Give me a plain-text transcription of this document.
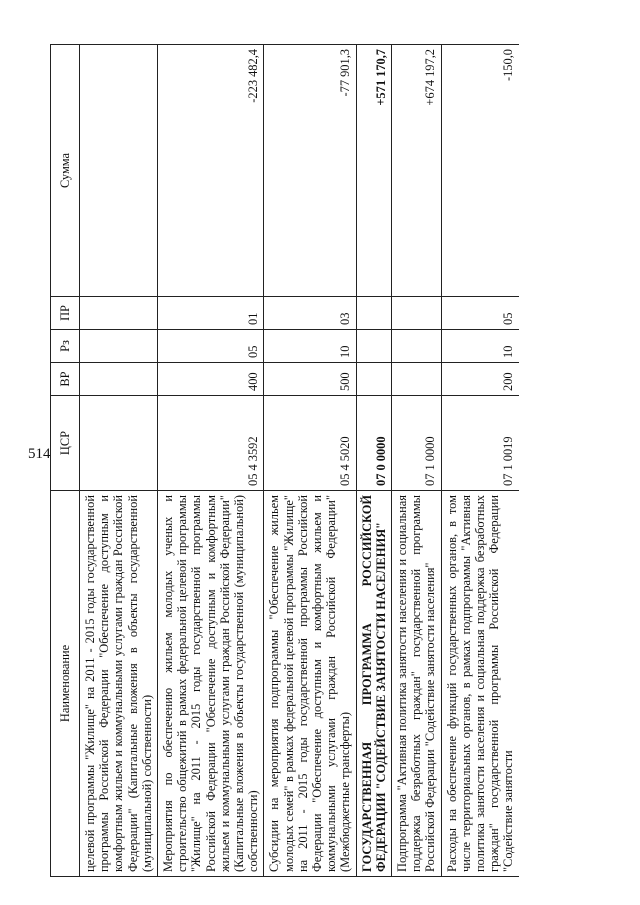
514
Наименование	ЦСР	ВР	Рз	ПР	Сумма
целевой программы "Жилище" на 2011 - 2015 годы государственной программы Российской Федерации "Обеспечение доступным и комфортным жильем и коммунальными услугами граждан Российской Федерации" (Капитальные вложения в объекты государственной (муниципальной) собственности)					
Мероприятия по обеспечению жильем молодых ученых и строительство общежитий в рамках федеральной целевой программы "Жилище" на 2011 - 2015 годы государственной программы Российской Федерации "Обеспечение доступным и комфортным жильем и коммунальными услугами граждан Российской Федерации" (Капитальные вложения в объекты государственной (муниципальной) собственности)	05 4 3592	400	05	01	-223 482,4
Субсидии на мероприятия подпрограммы "Обеспечение жильем молодых семей" в рамках федеральной целевой программы "Жилище" на 2011 - 2015 годы государственной программы Российской Федерации "Обеспечение доступным и комфортным жильем и коммунальными услугами граждан Российской Федерации" (Межбюджетные трансферты)	05 4 5020	500	10	03	-77 901,3
ГОСУДАРСТВЕННАЯ ПРОГРАММА РОССИЙСКОЙ ФЕДЕРАЦИИ "СОДЕЙСТВИЕ ЗАНЯТОСТИ НАСЕЛЕНИЯ"	07 0 0000				+571 170,7
Подпрограмма "Активная политика занятости населения и социальная поддержка безработных граждан" государственной программы Российской Федерации "Содействие занятости населения"	07 1 0000				+674 197,2
Расходы на обеспечение функций государственных органов, в том числе территориальных органов, в рамках подпрограммы "Активная политика занятости населения и социальная поддержка безработных граждан" государственной программы Российской Федерации "Содействие занятости	07 1 0019	200	10	05	-150,0
